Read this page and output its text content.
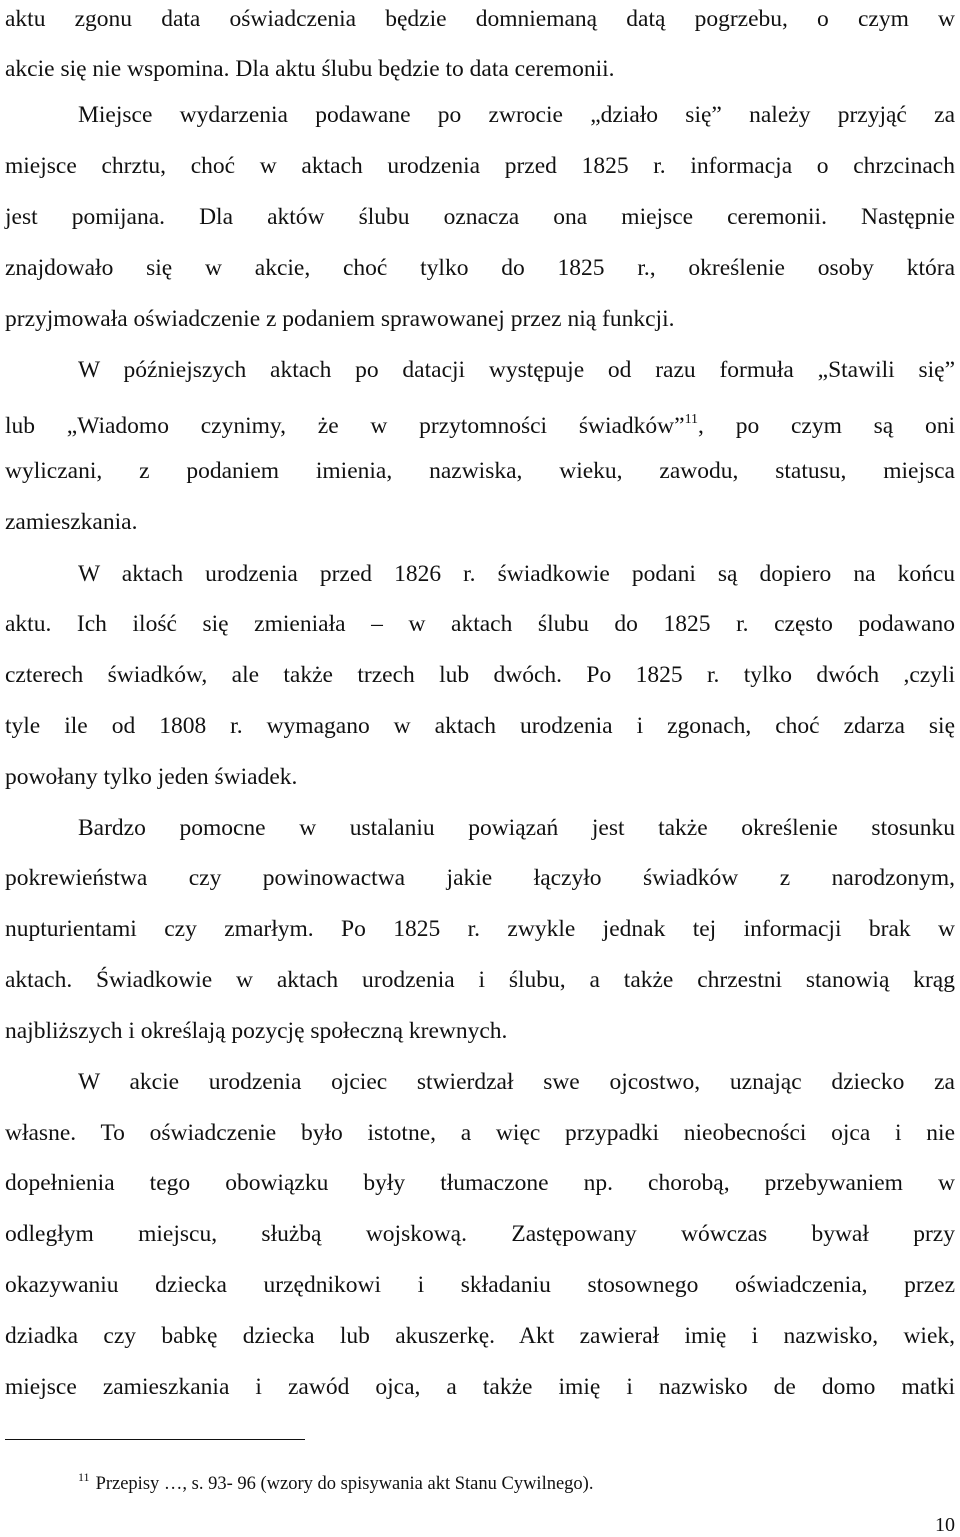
aktu zgonu data oświadczenia będzie domniemaną datą pogrzebu, o czym w
akcie się nie wspomina. Dla aktu ślubu będzie to data ceremonii.
Miejsce wydarzenia podawane po zwrocie „działo się” należy przyjąć za
miejsce chrztu, choć w aktach urodzenia przed 1825 r. informacja o chrzcinach
jest pomijana. Dla aktów ślubu oznacza ona miejsce ceremonii. Następnie
znajdowało się w akcie, choć tylko do 1825 r., określenie osoby która
przyjmowała oświadczenie z podaniem sprawowanej przez nią funkcji.
W późniejszych aktach po datacji występuje od razu formuła „Stawili się”
lub „Wiadomo czynimy, że w przytomności świadków”$^{11}$, po czym są oni
wyliczani, z podaniem imienia, nazwiska, wieku, zawodu, statusu, miejsca
zamieszkania.
W aktach urodzenia przed 1826 r. świadkowie podani są dopiero na końcu
aktu. Ich ilość się zmieniała – w aktach ślubu do 1825 r. często podawano
czterech świadków, ale także trzech lub dwóch. Po 1825 r. tylko dwóch ,czyli
tyle ile od 1808 r. wymagano w aktach urodzenia i zgonach, choć zdarza się
powołany tylko jeden świadek.
Bardzo pomocne w ustalaniu powiązań jest także określenie stosunku
pokrewieństwa czy powinowactwa jakie łączyło świadków z narodzonym,
nupturientami czy zmarłym. Po 1825 r. zwykle jednak tej informacji brak w
aktach. Świadkowie w aktach urodzenia i ślubu, a także chrzestni stanowią krąg
najbliższych i określają pozycję społeczną krewnych.
W akcie urodzenia ojciec stwierdzał swe ojcostwo, uznając dziecko za
własne. To oświadczenie było istotne, a więc przypadki nieobecności ojca i nie
dopełnienia tego obowiązku były tłumaczone np. chorobą, przebywaniem w
odległym miejscu, służbą wojskową. Zastępowany wówczas bywał przy
okazywaniu dziecka urzędnikowi i składaniu stosownego oświadczenia, przez
dziadka czy babkę dziecka lub akuszerkę. Akt zawierał imię i nazwisko, wiek,
miejsce zamieszkania i zawód ojca, a także imię i nazwisko de domo matki
$^{11}$ Przepisy …, s. 93- 96 (wzory do spisywania akt Stanu Cywilnego).
10
